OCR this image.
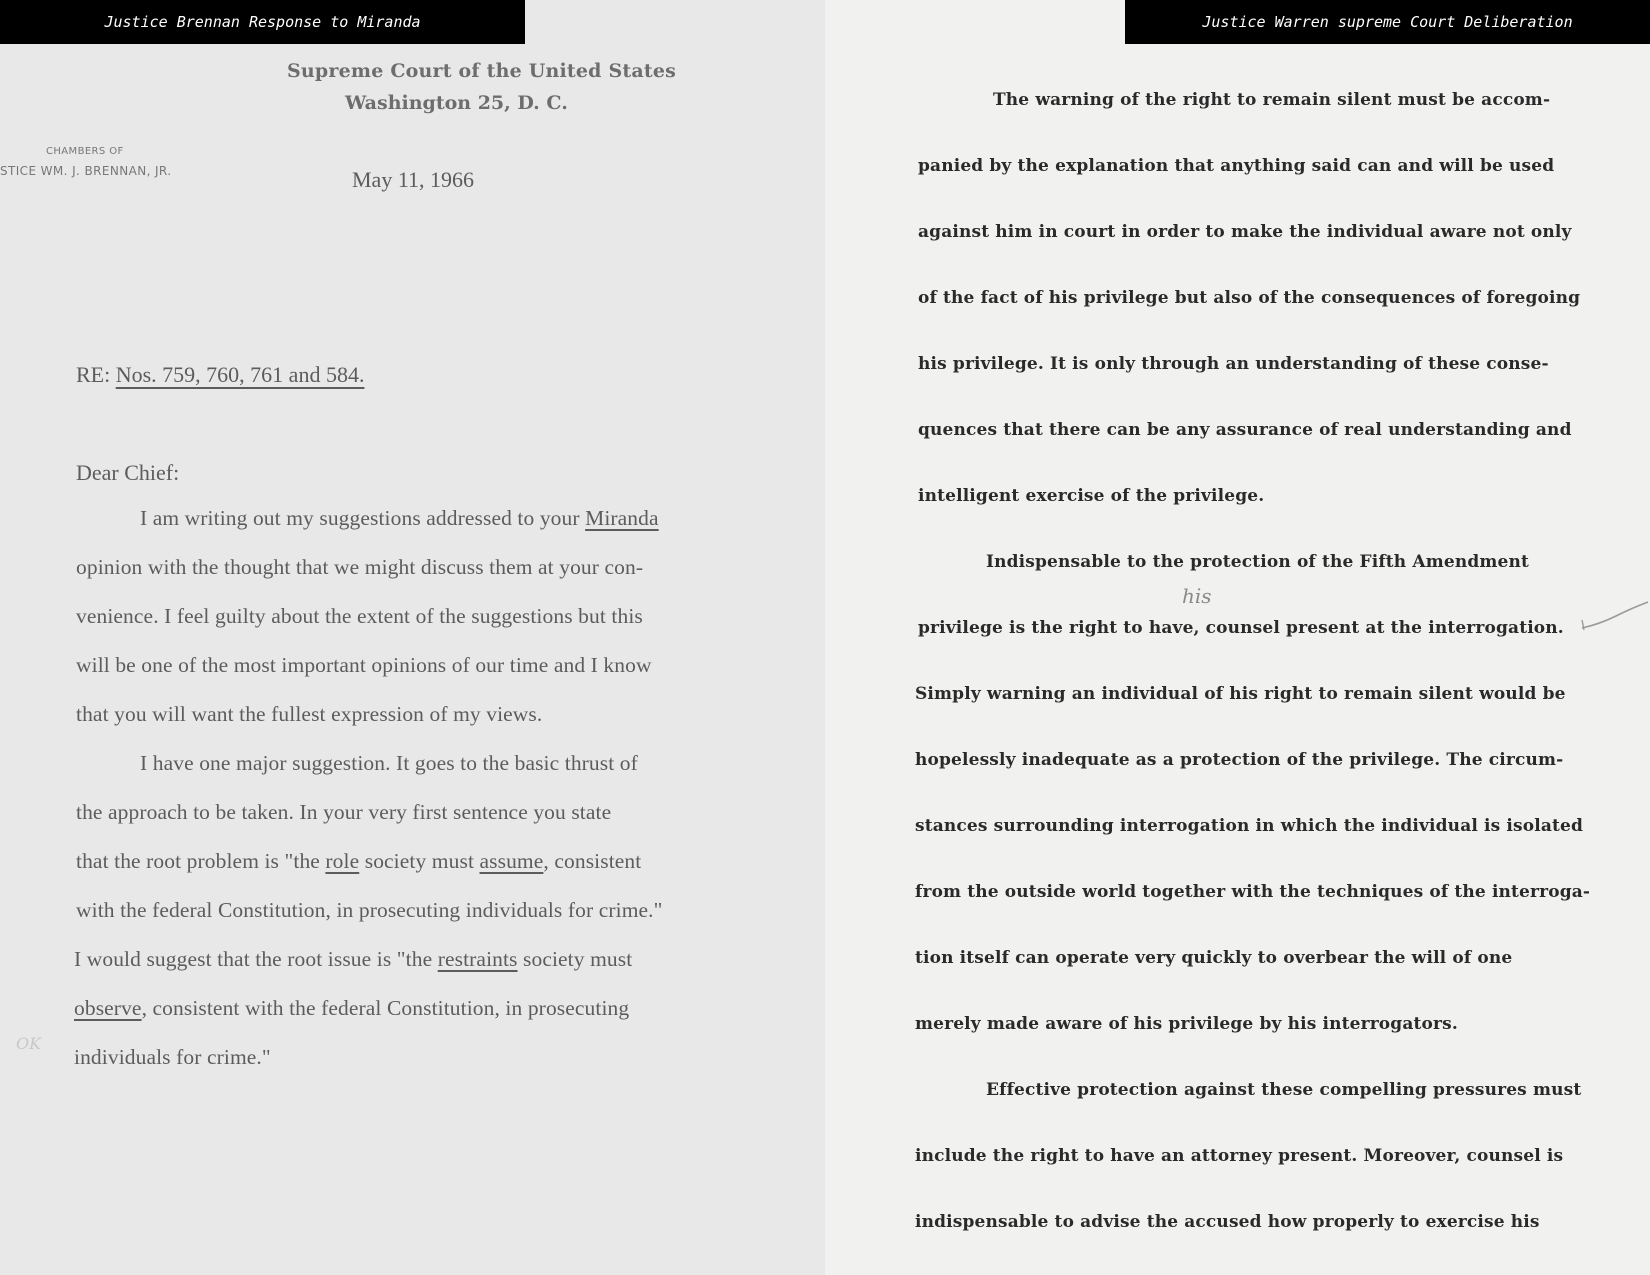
Justice Brennan Response to Miranda
Supreme Court of the United States
Washington 25, D. C.
CHAMBERS OF
STICE WM. J. BRENNAN, JR.	May 11, 1966
RE: Nos. 759, 760, 761 and 584.
Dear Chief:
I am writing out my suggestions addressed to your Miranda
opinion with the thought that we might discuss them at your con-
venience. I feel guilty about the extent of the suggestions but this
will be one of the most important opinions of our time and I know
that you will want the fullest expression of my views.
I have one major suggestion. It goes to the basic thrust of
the approach to be taken. In your very first sentence you state
that the root problem is "the role society must assume, consistent
with the federal Constitution, in prosecuting individuals for crime."
I would suggest that the root issue is "the restraints society must
observe, consistent with the federal Constitution, in prosecuting
individuals for crime."
OK
Justice Warren supreme Court Deliberation
The warning of the right to remain silent must be accom-
panied by the explanation that anything said can and will be used
against him in court in order to make the individual aware not only
of the fact of his privilege but also of the consequences of foregoing
his privilege. It is only through an understanding of these conse-
quences that there can be any assurance of real understanding and
intelligent exercise of the privilege.
Indispensable to the protection of the Fifth Amendment
privilege is the right to have, counsel present at the interrogation.
Simply warning an individual of his right to remain silent would be
hopelessly inadequate as a protection of the privilege. The circum-
stances surrounding interrogation in which the individual is isolated
from the outside world together with the techniques of the interroga-
tion itself can operate very quickly to overbear the will of one
merely made aware of his privilege by his interrogators.
Effective protection against these compelling pressures must
include the right to have an attorney present. Moreover, counsel is
indispensable to advise the accused how properly to exercise his
his
